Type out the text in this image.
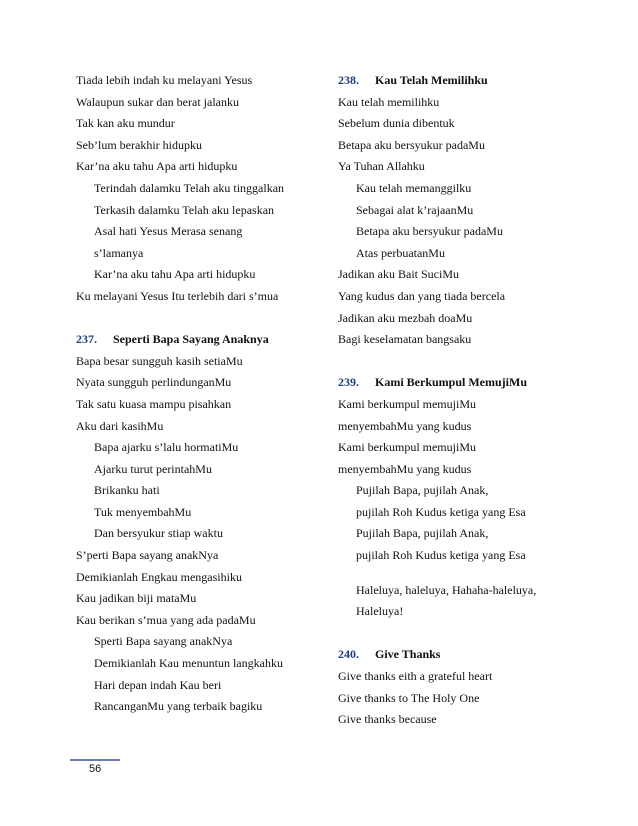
Tiada lebih indah ku melayani Yesus
Walaupun sukar dan berat jalanku
Tak kan aku mundur
Seb’lum berakhir hidupku
Kar’na aku tahu Apa arti hidupku
Terindah dalamku Telah aku tinggalkan
Terkasih dalamku Telah aku lepaskan
Asal hati Yesus Merasa senang
s’lamanya
Kar’na aku tahu Apa arti hidupku
Ku melayani Yesus Itu terlebih dari s’mua
237. Seperti Bapa Sayang Anaknya
Bapa besar sungguh kasih setiaMu
Nyata sungguh perlindunganMu
Tak satu kuasa mampu pisahkan
Aku dari kasihMu
Bapa ajarku s’lalu hormatiMu
Ajarku turut perintahMu
Brikanku hati
Tuk menyembahMu
Dan bersyukur stiap waktu
S’perti Bapa sayang anakNya
Demikianlah Engkau mengasihiku
Kau jadikan biji mataMu
Kau berikan s’mua yang ada padaMu
Sperti Bapa sayang anakNya
Demikianlah Kau menuntun langkahku
Hari depan indah Kau beri
RancanganMu yang terbaik bagiku
238. Kau Telah Memilihku
Kau telah memilihku
Sebelum dunia dibentuk
Betapa aku bersyukur padaMu
Ya Tuhan Allahku
Kau telah memanggilku
Sebagai alat k’rajaanMu
Betapa aku bersyukur padaMu
Atas perbuatanMu
Jadikan aku Bait SuciMu
Yang kudus dan yang tiada bercela
Jadikan aku mezbah doaMu
Bagi keselamatan bangsaku
239. Kami Berkumpul MemujiMu
Kami berkumpul memujiMu
menyembahMu yang kudus
Kami berkumpul memujiMu
menyembahMu yang kudus
Pujilah Bapa, pujilah Anak,
pujilah Roh Kudus ketiga yang Esa
Pujilah Bapa, pujilah Anak,
pujilah Roh Kudus ketiga yang Esa
Haleluya, haleluya, Hahaha-haleluya,
Haleluya!
240. Give Thanks
Give thanks eith a grateful heart
Give thanks to The Holy One
Give thanks because
56
